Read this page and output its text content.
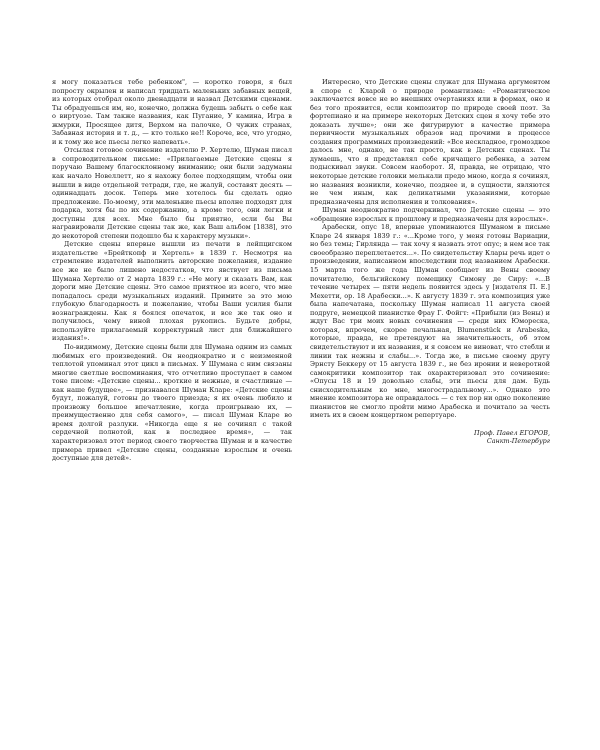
я могу показаться тебе ребенком", — коротко говоря, я был попросту окрылен и написал тридцать маленьких забавных вещей, из которых отобрал около двенадцати и назвал Детскими сценами. Ты обрадуешься им, но, конечно, должна будешь забыть о себе как о виртуозе. Там также названия, как Пугание, У камина, Игра в жмурки, Просящее дитя, Верхом на палочке, О чужих странах, Забавная история и т. д., — кто только не!! Короче, все, что угодно, и к тому же все пьесы легко напевать».

Отсылая готовое сочинение издателю Р. Хертелю, Шуман писал в сопроводительном письме: «Прилагаемые Детские сцены я поручаю Вашему благосклонному вниманию; они были задуманы как начало Новеллетт, но я нахожу более подходящим, чтобы они вышли в виде отдельной тетради, где, не жалуй, составят десять — одиннадцать досок. Теперь мне хотелось бы сделать одно предложение. По-моему, эти маленькие пьесы вполне подходят для подарка, хотя бы по их содержанию, а кроме того, они легки и доступны для всех. Мне было бы приятно, если бы Вы награвировали Детские сцены так же, как Ваш альбом [1838], это до некоторой степени подошло бы к характеру музыки».

Детские сцены впервые вышли из печати в лейпцигском издательстве «Брейткопф и Хертель» в 1839 г. Несмотря на стремление издателей выполнить авторские пожелания, издание все же не было лишено недостатков, что явствует из письма Шумана Хертелю от 2 марта 1839 г.: «Не могу и сказать Вам, как дороги мне Детские сцены. Это самое приятное из всего, что мне попадалось среди музыкальных изданий. Примите за это мою глубокую благодарность и пожелание, чтобы Ваши усилия были вознаграждены. Как я боялся опечаток, и все же так оно и получилось, чему виной плохая рукопись. Будьте добры, используйте прилагаемый корректурный лист для ближайшего издания!».

По-видимому, Детские сцены были для Шумана одним из самых любимых его произведений. Он неоднократно и с неизменной теплотой упоминал этот цикл в письмах. У Шумана с ним связаны многие светлые воспоминания, что отчетливо проступает в самом тоне писем: «Детские сцены... кроткие и нежные, и счастливые — как наше будущее», — признавался Шуман Кларе: «Детские сцены будут, пожалуй, готовы до твоего приезда; я их очень любило и произвожу большое впечатление, когда проигрываю их, — преимущественно для себя самого», — писал Шуман Кларе во время долгой разлуки. «Никогда еще я не сочинял с такой сердечной полнотой, как в последнее время», — так характеризовал этот период своего творчества Шуман и в качестве примера привел «Детские сцены, созданные взрослым и очень доступные для детей».

Интересно, что Детские сцены служат для Шумана аргументом в споре с Кларой о природе романтизма: «Романтическое заключается вовсе не во внешних очертаниях или в формах, оно и без того проявится, если композитор по природе своей поэт. За фортепиано и на примере некоторых Детских сцен я хочу тебе это доказать лучше»; они же фигурируют в качестве примера первичности музыкальных образов над прочими в процессе создания программных произведений: «Все нескладное, громоздкое далось мне, однако, не так просто, как в Детских сценах. Ты думаешь, что я представлял себе кричащего ребенка, а затем подыскивал звуки. Совсем наоборот. Я, правда, не отрицаю, что некоторые детские головки мелькали предо мною, когда я сочинял, но названия возникли, конечно, позднее и, в сущности, являются не чем иным, как деликатными указаниями, которые предназначены для исполнения и толкования».

Шуман неоднократно подчеркивал, что Детские сцены — это «обращение взрослых к прошлому и предназначены для взрослых».

Арабески, опус 18, впервые упоминаются Шуманом в письме Кларе 24 января 1839 г.: «...Кроме того, у меня готовы Вариации, но без темы; Гирлянда — так хочу я назвать этот опус; в нем все так своеобразно переплетается...». По свидетельству Клары речь идет о произведении, написанном впоследствии под названием Арабески. 15 марта того же года Шуман сообщает из Вены своему почитателю, бельгийскому помещику Симону де Сиру: «...В течение четырех — пяти недель появится здесь у [издателя П. Е.] Мехетти, ор. 18 Арабески...». К августу 1839 г. эта композиция уже была напечатана, поскольку Шуман написал 11 августа своей подруге, немецкой пианистке Фрау Г. Фойгт: «Прибыли (из Вены) и ждут Вас три моих новых сочинения — среди них Юмореска, которая, впрочем, скорее печальная, Blumenstück и Arabeska, которые, правда, не претендуют на значительность, об этом свидетельствуют и их названия, и я совсем не виноват, что стебли и линии так нежны и слабы...». Тогда же, в письме своему другу Эрнсту Беккеру от 15 августа 1839 г., не без иронии и неверотной самокритики композитор так охарактеризовал это сочинение: «Опусы 18 и 19 довольно слабы, эти пьесы для дам. Будь снисходительным ко мне, многострадальному...». Однако это мнение композитора не оправдалось — с тех пор ни одно поколение пианистов не смогло пройти мимо Арабеска и почитало за честь иметь их в своем концертном репертуаре.

Проф. Павел ЕГОРОВ,
Санкт-Петербург
